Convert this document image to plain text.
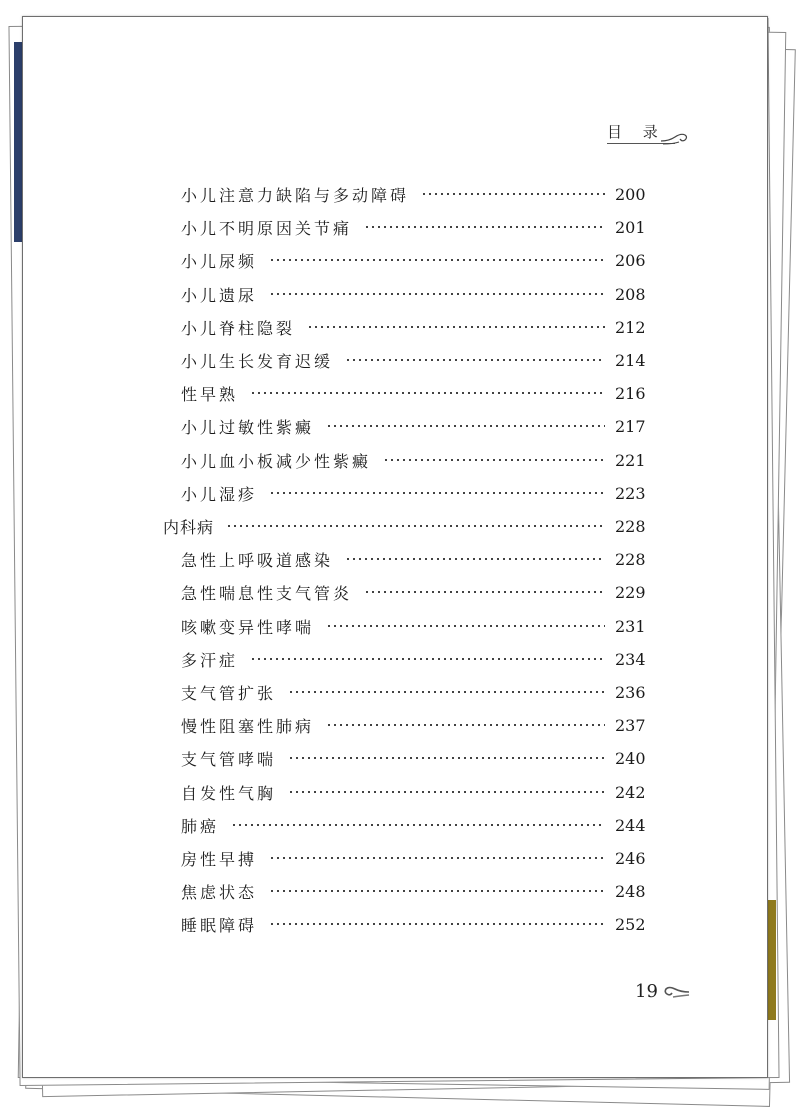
目 录
小儿注意力缺陷与多动障碍	200
小儿不明原因关节痛	201
小儿尿频	206
小儿遗尿	208
小儿脊柱隐裂	212
小儿生长发育迟缓	214
性早熟	216
小儿过敏性紫癜	217
小儿血小板减少性紫癜	221
小儿湿疹	223
内科病	228
急性上呼吸道感染	228
急性喘息性支气管炎	229
咳嗽变异性哮喘	231
多汗症	234
支气管扩张	236
慢性阻塞性肺病	237
支气管哮喘	240
自发性气胸	242
肺癌	244
房性早搏	246
焦虑状态	248
睡眠障碍	252
19
